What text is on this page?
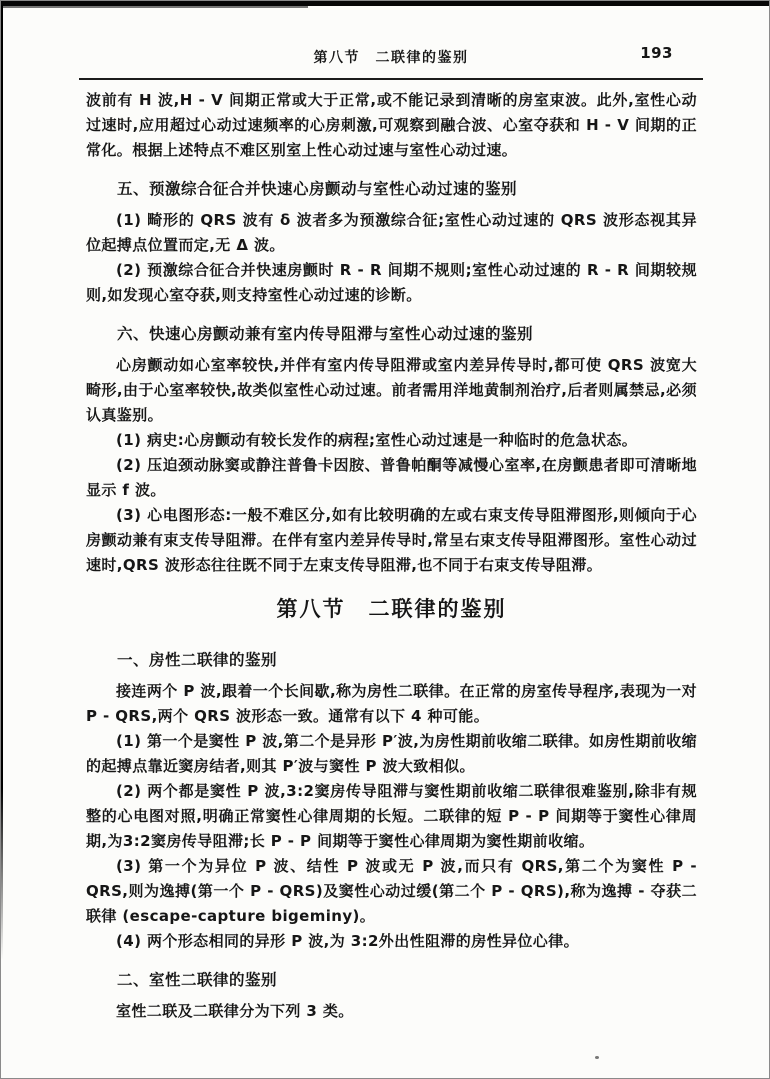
第八节　二联律的鉴别	193

波前有 H 波,H - V 间期正常或大于正常,或不能记录到清晰的房室束波。此外,室性心动过速时,应用超过心动过速频率的心房刺激,可观察到融合波、心室夺获和 H - V 间期的正常化。根据上述特点不难区别室上性心动过速与室性心动过速。

五、预激综合征合并快速心房颤动与室性心动过速的鉴别

(1) 畸形的 QRS 波有 δ 波者多为预激综合征;室性心动过速的 QRS 波形态视其异位起搏点位置而定,无 Δ 波。

(2) 预激综合征合并快速房颤时 R - R 间期不规则;室性心动过速的 R - R 间期较规则,如发现心室夺获,则支持室性心动过速的诊断。

六、快速心房颤动兼有室内传导阻滞与室性心动过速的鉴别

心房颤动如心室率较快,并伴有室内传导阻滞或室内差异传导时,都可使 QRS 波宽大畸形,由于心室率较快,故类似室性心动过速。前者需用洋地黄制剂治疗,后者则属禁忌,必须认真鉴别。

(1) 病史:心房颤动有较长发作的病程;室性心动过速是一种临时的危急状态。

(2) 压迫颈动脉窦或静注普鲁卡因胺、普鲁帕酮等减慢心室率,在房颤患者即可清晰地显示 f 波。

(3) 心电图形态:一般不难区分,如有比较明确的左或右束支传导阻滞图形,则倾向于心房颤动兼有束支传导阻滞。在伴有室内差异传导时,常呈右束支传导阻滞图形。室性心动过速时,QRS 波形态往往既不同于左束支传导阻滞,也不同于右束支传导阻滞。

第八节　二联律的鉴别
一、房性二联律的鉴别

接连两个 P 波,跟着一个长间歇,称为房性二联律。在正常的房室传导程序,表现为一对 P - QRS,两个 QRS 波形态一致。通常有以下 4 种可能。

(1) 第一个是窦性 P 波,第二个是异形 P′波,为房性期前收缩二联律。如房性期前收缩的起搏点靠近窦房结者,则其 P′波与窦性 P 波大致相似。

(2) 两个都是窦性 P 波,3:2窦房传导阻滞与窦性期前收缩二联律很难鉴别,除非有规整的心电图对照,明确正常窦性心律周期的长短。二联律的短 P - P 间期等于窦性心律周期,为3:2窦房传导阻滞;长 P - P 间期等于窦性心律周期为窦性期前收缩。

(3) 第一个为异位 P 波、结性 P 波或无 P 波,而只有 QRS,第二个为窦性 P - QRS,则为逸搏(第一个 P - QRS)及窦性心动过缓(第二个 P - QRS),称为逸搏 - 夺获二联律 (escape-capture bigeminy)。

(4) 两个形态相同的异形 P 波,为 3:2外出性阻滞的房性异位心律。

二、室性二联律的鉴别

室性二联及二联律分为下列 3 类。
